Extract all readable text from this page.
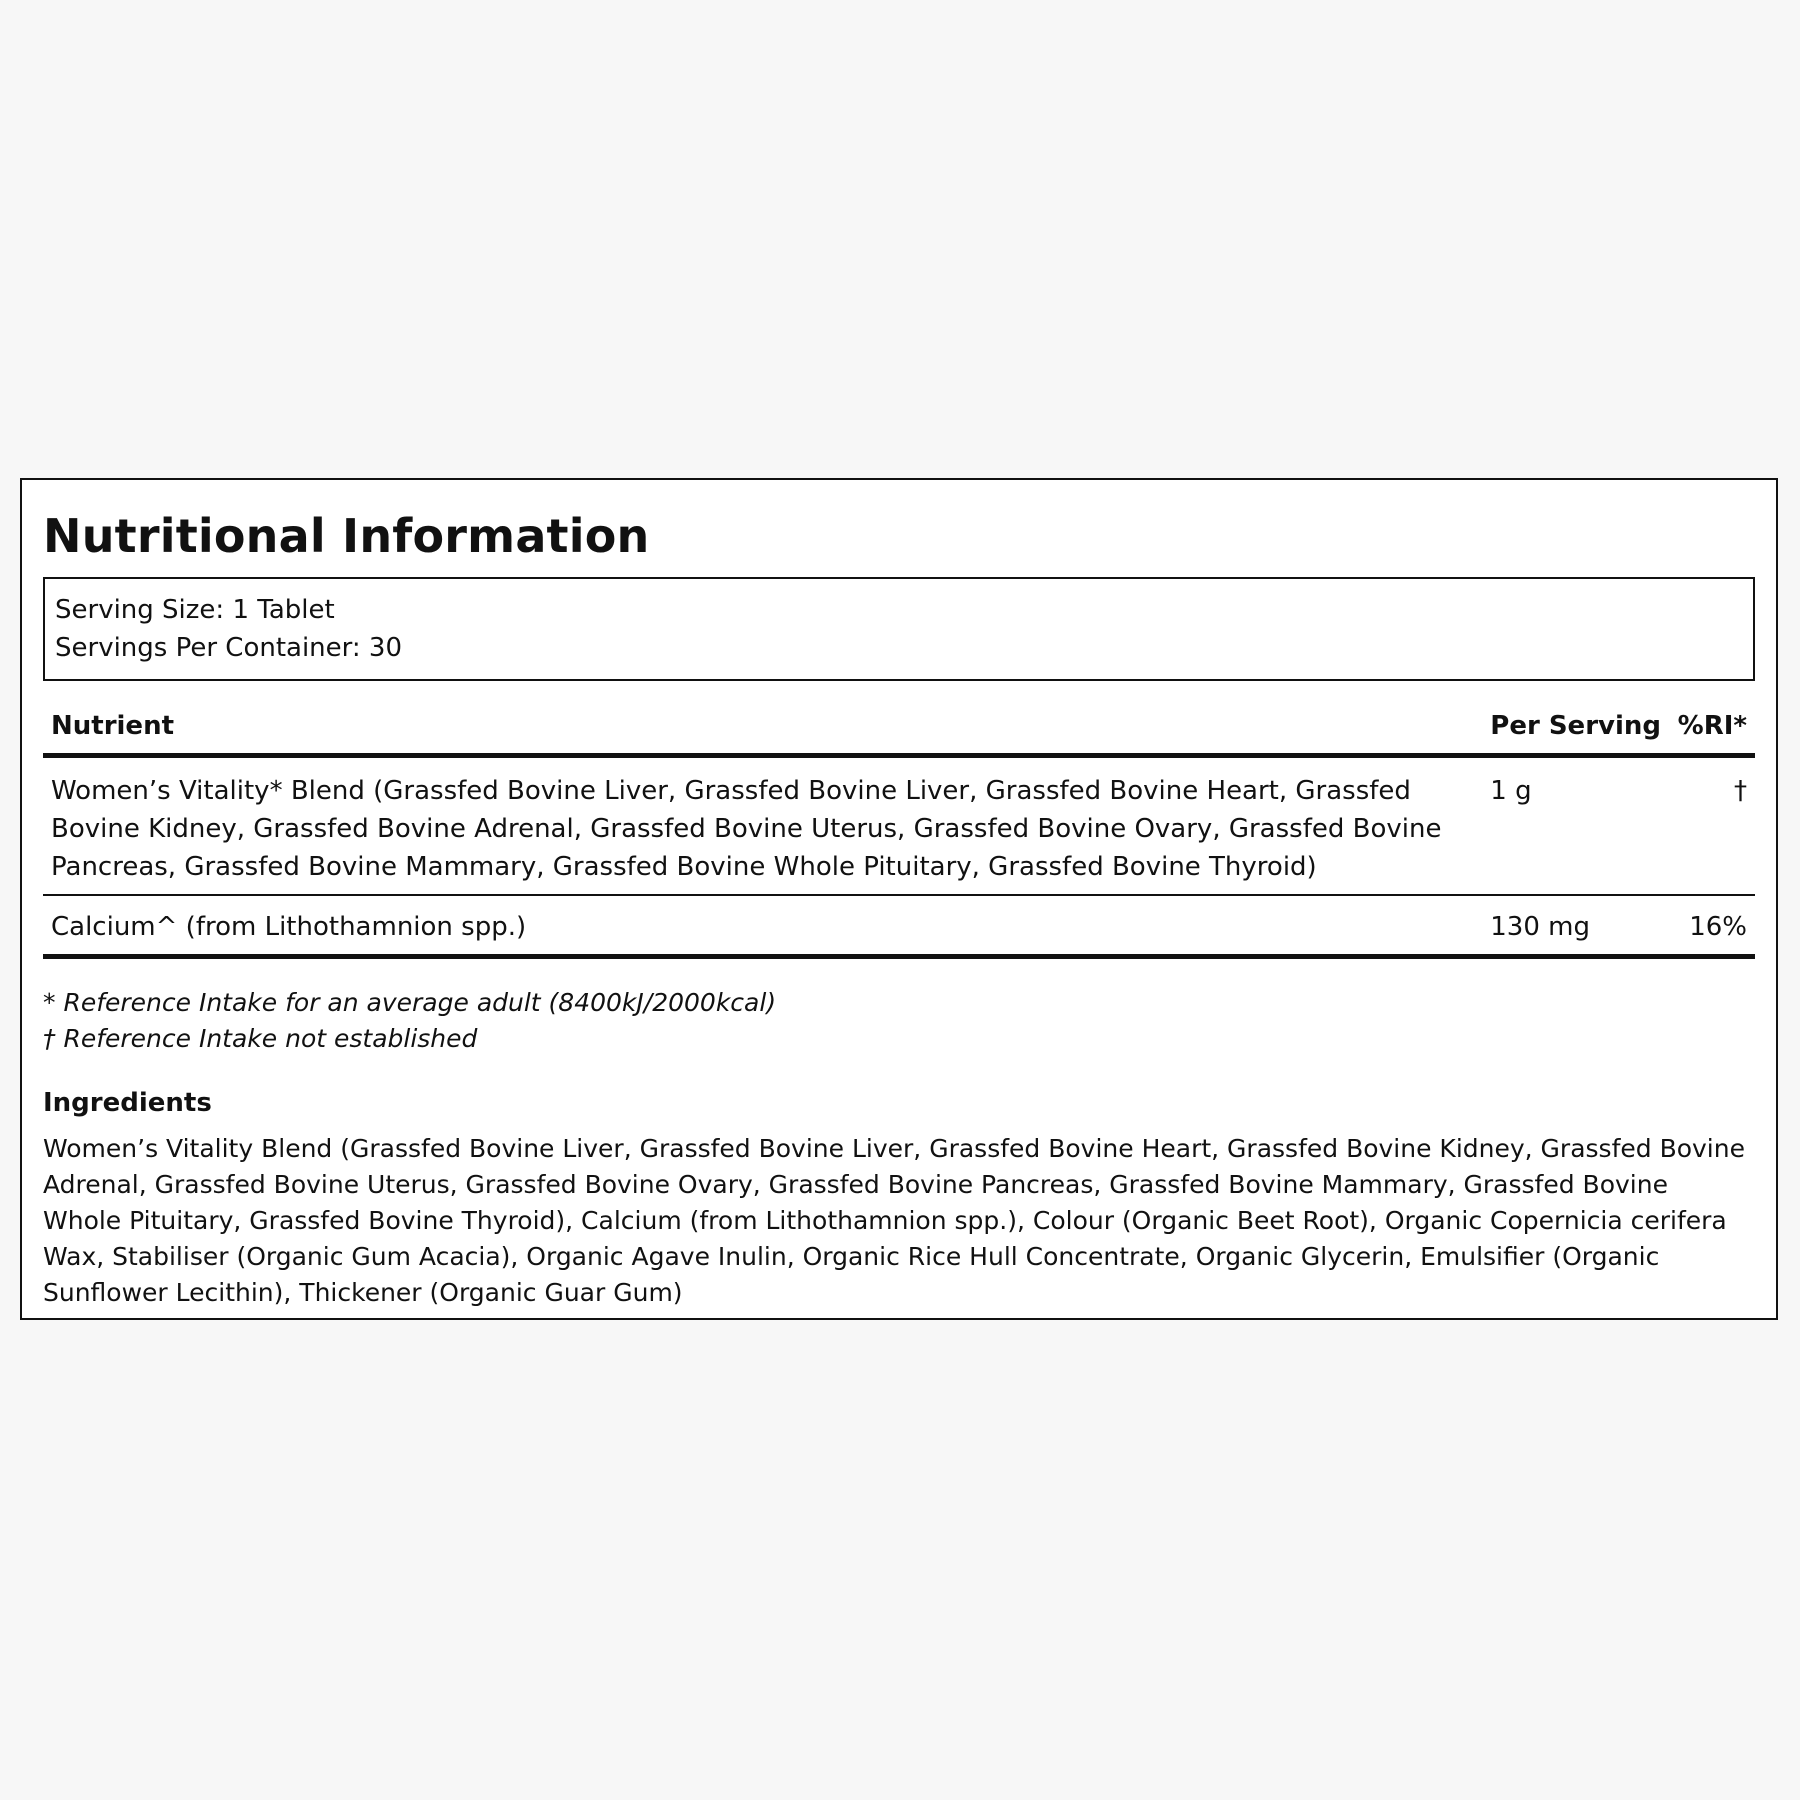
Nutritional Information
Serving Size: 1 Tablet
Servings Per Container: 30
Nutrient	Per Serving	%RI*
Women’s Vitality* Blend (Grassfed Bovine Liver, Grassfed Bovine Liver, Grassfed Bovine Heart, Grassfed Bovine Kidney, Grassfed Bovine Adrenal, Grassfed Bovine Uterus, Grassfed Bovine Ovary, Grassfed Bovine Pancreas, Grassfed Bovine Mammary, Grassfed Bovine Whole Pituitary, Grassfed Bovine Thyroid)	1 g	†
Calcium^ (from Lithothamnion spp.)	130 mg	16%
* Reference Intake for an average adult (8400kJ/2000kcal)
† Reference Intake not established
Ingredients
Women’s Vitality Blend (Grassfed Bovine Liver, Grassfed Bovine Liver, Grassfed Bovine Heart, Grassfed Bovine Kidney, Grassfed Bovine Adrenal, Grassfed Bovine Uterus, Grassfed Bovine Ovary, Grassfed Bovine Pancreas, Grassfed Bovine Mammary, Grassfed Bovine Whole Pituitary, Grassfed Bovine Thyroid), Calcium (from Lithothamnion spp.), Colour (Organic Beet Root), Organic Copernicia cerifera Wax, Stabiliser (Organic Gum Acacia), Organic Agave Inulin, Organic Rice Hull Concentrate, Organic Glycerin, Emulsifier (Organic Sunflower Lecithin), Thickener (Organic Guar Gum)
